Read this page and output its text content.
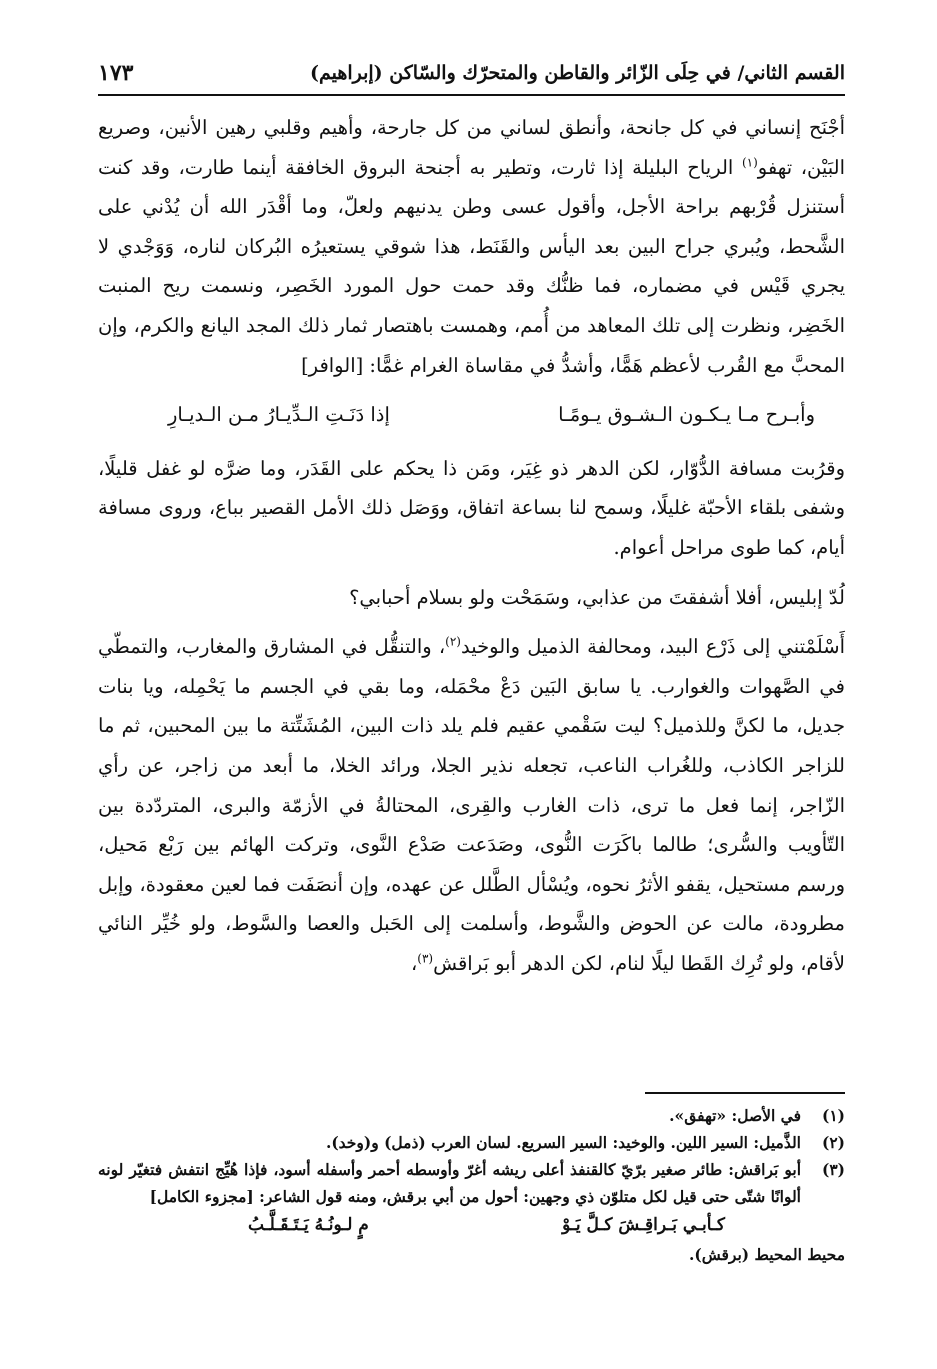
القسم الثاني/ في حِلَى الزّائر والقاطن والمتحرّك والسّاكن (إبراهيم)
١٧٣

أجْنَح إنساني في كل جانحة، وأنطق لساني من كل جارحة، وأهيم وقلبي رهين الأنين، وصريع البَيْن، تهفو$^{(١)}$ الرياح البليلة إذا ثارت، وتطير به أجنحة البروق الخافقة أينما طارت، وقد كنت أستنزل قُرْبهم براحة الأجل، وأقول عسى وطن يدنيهم ولعلّ، وما أقْدَر الله أن يُدْني على الشَّحط، ويُبري جراح البين بعد اليأس والقَنَط، هذا شوقي يستعيرُه البُركان لناره، وَوَجْدي لا يجري قَيْس في مضماره، فما ظنُّك وقد حمت حول المورد الخَصِر، ونسمت ريح المنبت الخَضِر، ونظرت إلى تلك المعاهد من أُمم، وهمست باهتصار ثمار ذلك المجد اليانع والكرم، وإن المحبَّ مع القُرب لأعظم هَمًّا، وأشدُّ في مقاساة الغرام غمًّا: [الوافر]

وأبـرح مـا يـكـون الـشـوق يـومًـا
إذا دَنَـتِ الـدِّيـارُ مـن الـديـارِ

وقرُبت مسافة الدُّوّار، لكن الدهر ذو غِيَر، ومَن ذا يحكم على القَدَر، وما ضرَّه لو غفل قليلًا، وشفى بلقاء الأحبّة غليلًا، وسمح لنا بساعة اتفاق، ووَصَل ذلك الأمل القصير بباع، وروى مسافة أيام، كما طوى مراحل أعوام.

لُدّ إبليس، أفلا أشفقتَ من عذابي، وسَمَحْت ولو بسلام أحبابي؟

أَسْلَمْتني إلى ذَرْع البيد، ومحالفة الذميل والوخيد$^{(٢)}$، والتنقُّل في المشارق والمغارب، والتمطّي في الصَّهوات والغوارب. يا سابق البَين دَعْ محْمَله، وما بقي في الجسم ما يَحْمِله، ويا بنات جديل، ما لكنَّ وللذميل؟ ليت سَقْمي عقيم فلم يلد ذات البين، المُشَتِّتة ما بين المحبين، ثم ما للزاجر الكاذب، وللغُراب الناعب، تجعله نذير الجلا، ورائد الخلا، ما أبعد من زاجر، عن رأي الزّاجر، إنما فعل ما ترى، ذات الغارب والقِرى، المحتالةُ في الأزمّة والبرى، المتردّدة بين التّأويب والسُّرى؛ طالما باكَرَت النُّوى، وصَدَعت صَدْع النَّوى، وتركت الهائم بين رَبْع مَحيل، ورسم مستحيل، يقفو الأثرُ نحوه، ويُسْأل الطَّلل عن عهده، وإن أنصَفَت فما لعين معقودة، وإبل مطرودة، مالت عن الحوض والشَّوط، وأسلمت إلى الحَبل والعصا والسَّوط، ولو خُيِّر النائي لأقام، ولو تُرِك القَطا ليلًا لنام، لكن الدهر أبو بَراقش$^{(٣)}$،

(١)
في الأصل: «تهفق».
(٢)
الذَّميل: السير اللين. والوخيد: السير السريع. لسان العرب (ذمل) و(وخد).
(٣)
أبو بَراقش: طائر صغير برّيّ كالقنفذ أعلى ريشه أغرّ وأوسطه أحمر وأسفله أسود، فإذا هُيِّج انتفش فتغيّر لونه ألوانًا شتّى حتى قيل لكل متلوّن ذي وجهين: أحول من أبي برقش، ومنه قول الشاعر: [مجزوء الكامل]
كـأبـي بَـراقِـشَ كـلَّ يَـوْ
مٍ لـونُـهُ يَـتَـقَـلَّـبُ
محيط المحيط (برقش).
